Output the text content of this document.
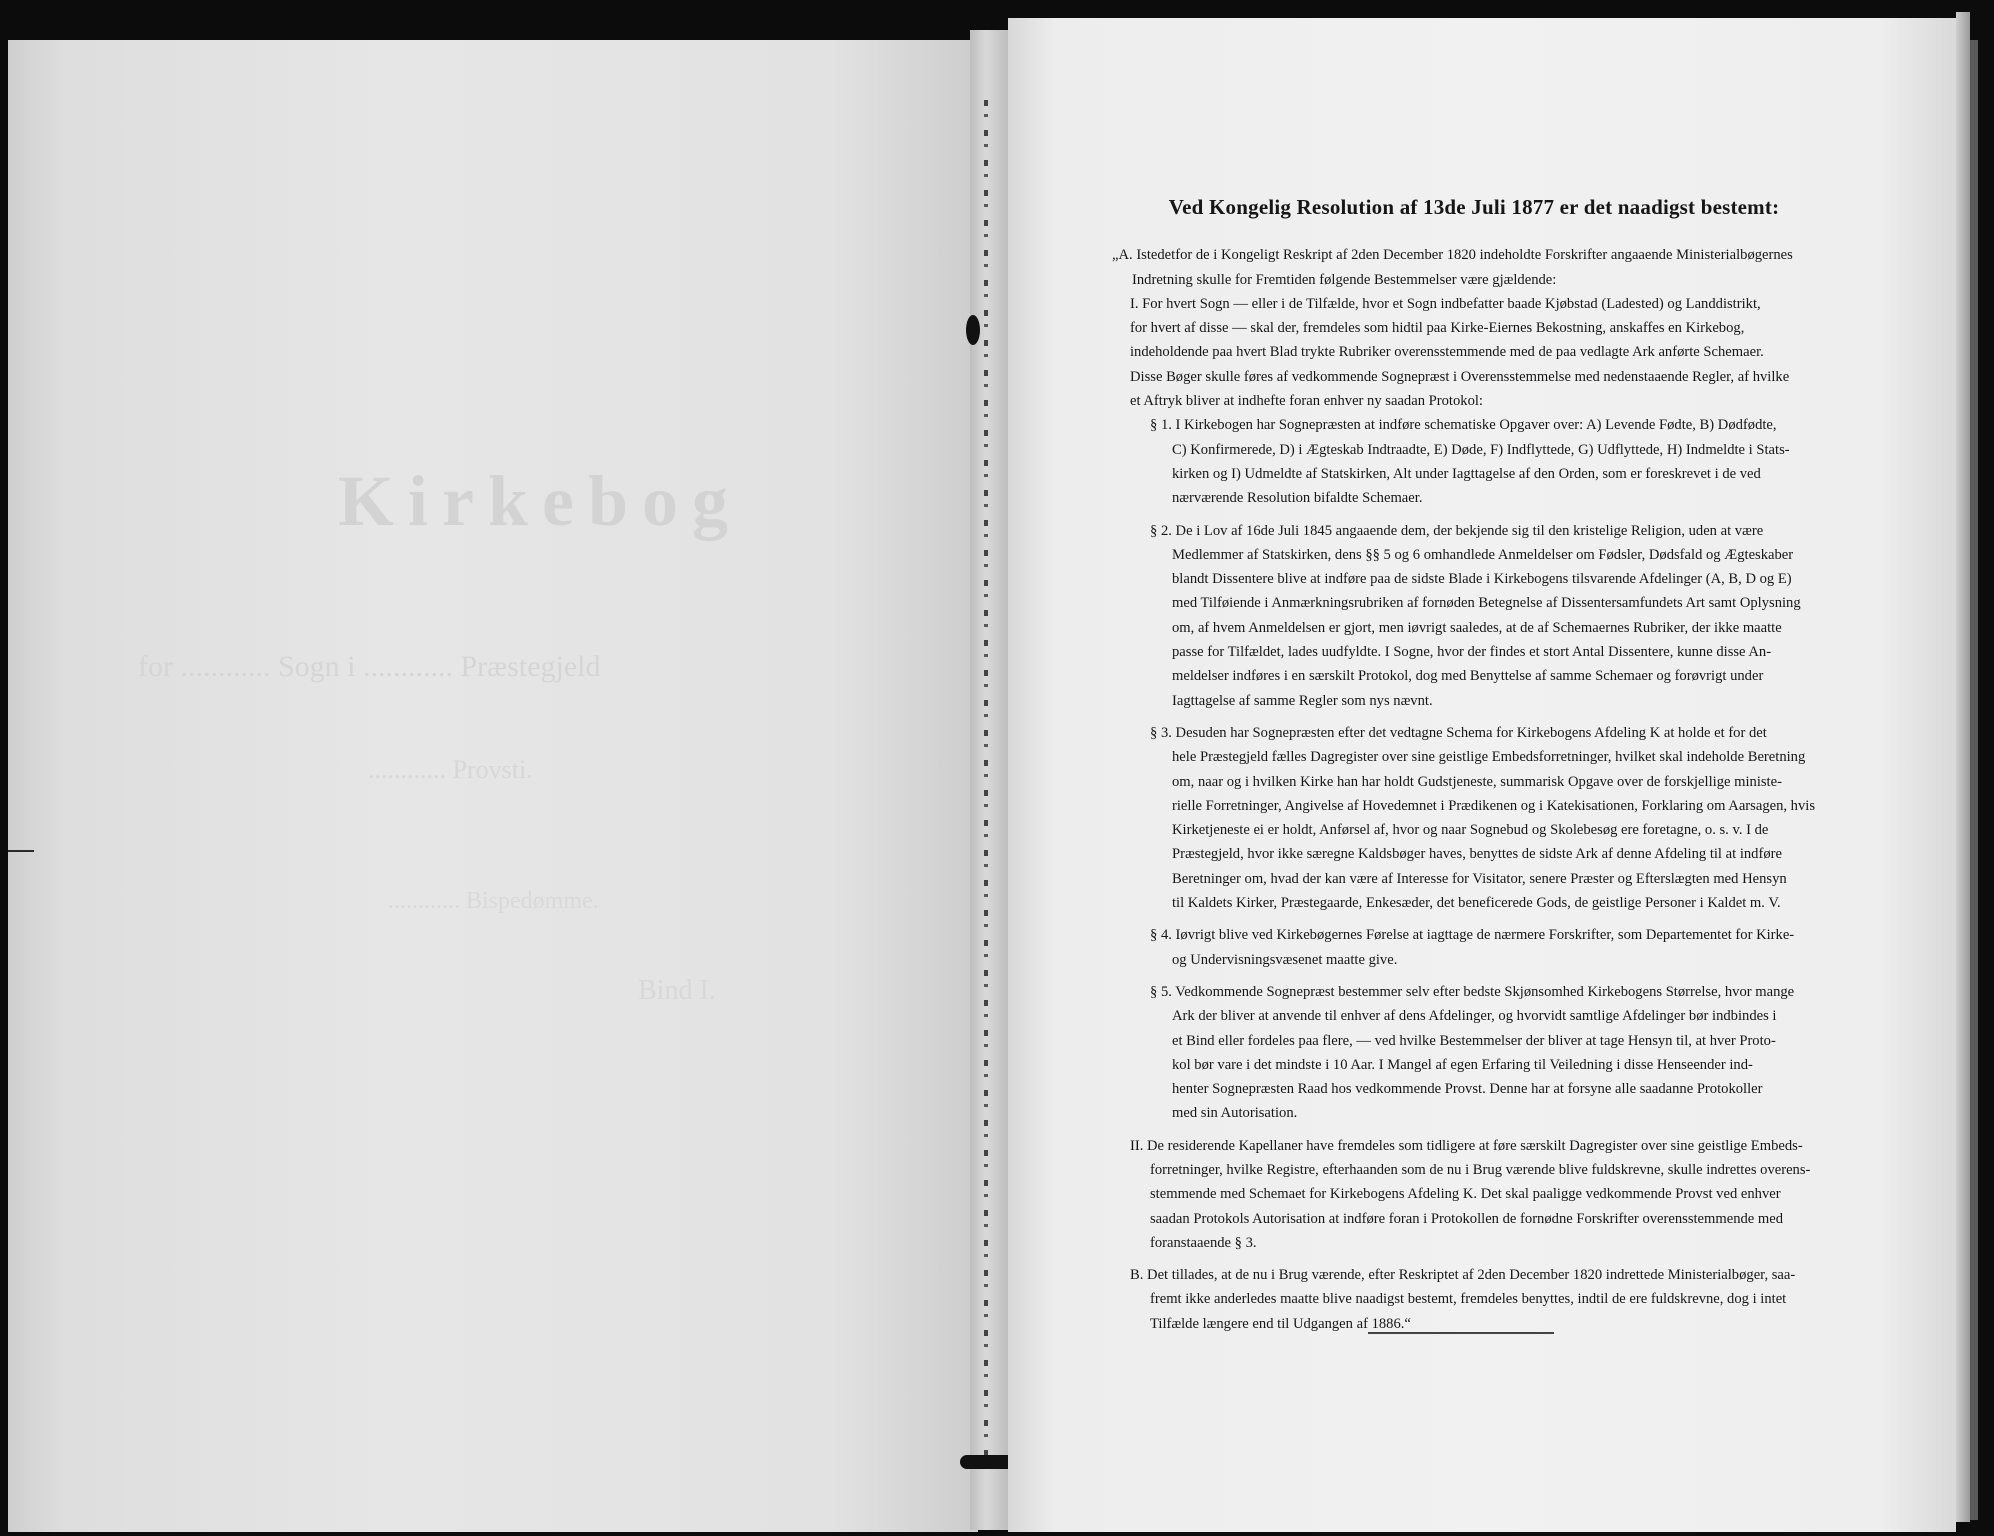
Kirkebog
for ............ Sogn i ............ Præstegjeld
............ Provsti.
............ Bispedømme.
Bind I.
Ved Kongelig Resolution af 13de Juli 1877 er det naadigst bestemt:
„A. Istedetfor de i Kongeligt Reskript af 2den December 1820 indeholdte Forskrifter angaaende Ministerialbøgernes
Indretning skulle for Fremtiden følgende Bestemmelser være gjældende:
I. For hvert Sogn — eller i de Tilfælde, hvor et Sogn indbefatter baade Kjøbstad (Ladested) og Landdistrikt,
for hvert af disse — skal der, fremdeles som hidtil paa Kirke-Eiernes Bekostning, anskaffes en Kirkebog,
indeholdende paa hvert Blad trykte Rubriker overensstemmende med de paa vedlagte Ark anførte Schemaer.
Disse Bøger skulle føres af vedkommende Sognepræst i Overensstemmelse med nedenstaaende Regler, af hvilke
et Aftryk bliver at indhefte foran enhver ny saadan Protokol:
§ 1. I Kirkebogen har Sognepræsten at indføre schematiske Opgaver over: A) Levende Fødte, B) Dødfødte,
C) Konfirmerede, D) i Ægteskab Indtraadte, E) Døde, F) Indflyttede, G) Udflyttede, H) Indmeldte i Stats-
kirken og I) Udmeldte af Statskirken, Alt under Iagttagelse af den Orden, som er foreskrevet i de ved
nærværende Resolution bifaldte Schemaer.
§ 2. De i Lov af 16de Juli 1845 angaaende dem, der bekjende sig til den kristelige Religion, uden at være
Medlemmer af Statskirken, dens §§ 5 og 6 omhandlede Anmeldelser om Fødsler, Dødsfald og Ægteskaber
blandt Dissentere blive at indføre paa de sidste Blade i Kirkebogens tilsvarende Afdelinger (A, B, D og E)
med Tilføiende i Anmærkningsrubriken af fornøden Betegnelse af Dissentersamfundets Art samt Oplysning
om, af hvem Anmeldelsen er gjort, men iøvrigt saaledes, at de af Schemaernes Rubriker, der ikke maatte
passe for Tilfældet, lades uudfyldte. I Sogne, hvor der findes et stort Antal Dissentere, kunne disse An-
meldelser indføres i en særskilt Protokol, dog med Benyttelse af samme Schemaer og forøvrigt under
Iagttagelse af samme Regler som nys nævnt.
§ 3. Desuden har Sognepræsten efter det vedtagne Schema for Kirkebogens Afdeling K at holde et for det
hele Præstegjeld fælles Dagregister over sine geistlige Embedsforretninger, hvilket skal indeholde Beretning
om, naar og i hvilken Kirke han har holdt Gudstjeneste, summarisk Opgave over de forskjellige ministe-
rielle Forretninger, Angivelse af Hovedemnet i Prædikenen og i Katekisationen, Forklaring om Aarsagen, hvis
Kirketjeneste ei er holdt, Anførsel af, hvor og naar Sognebud og Skolebesøg ere foretagne, o. s. v. I de
Præstegjeld, hvor ikke særegne Kaldsbøger haves, benyttes de sidste Ark af denne Afdeling til at indføre
Beretninger om, hvad der kan være af Interesse for Visitator, senere Præster og Efterslægten med Hensyn
til Kaldets Kirker, Præstegaarde, Enkesæder, det beneficerede Gods, de geistlige Personer i Kaldet m. V.
§ 4. Iøvrigt blive ved Kirkebøgernes Førelse at iagttage de nærmere Forskrifter, som Departementet for Kirke-
og Undervisningsvæsenet maatte give.
§ 5. Vedkommende Sognepræst bestemmer selv efter bedste Skjønsomhed Kirkebogens Størrelse, hvor mange
Ark der bliver at anvende til enhver af dens Afdelinger, og hvorvidt samtlige Afdelinger bør indbindes i
et Bind eller fordeles paa flere, — ved hvilke Bestemmelser der bliver at tage Hensyn til, at hver Proto-
kol bør vare i det mindste i 10 Aar. I Mangel af egen Erfaring til Veiledning i disse Henseender ind-
henter Sognepræsten Raad hos vedkommende Provst. Denne har at forsyne alle saadanne Protokoller
med sin Autorisation.
II. De residerende Kapellaner have fremdeles som tidligere at føre særskilt Dagregister over sine geistlige Embeds-
forretninger, hvilke Registre, efterhaanden som de nu i Brug værende blive fuldskrevne, skulle indrettes overens-
stemmende med Schemaet for Kirkebogens Afdeling K. Det skal paaligge vedkommende Provst ved enhver
saadan Protokols Autorisation at indføre foran i Protokollen de fornødne Forskrifter overensstemmende med
foranstaaende § 3.
B. Det tillades, at de nu i Brug værende, efter Reskriptet af 2den December 1820 indrettede Ministerialbøger, saa-
fremt ikke anderledes maatte blive naadigst bestemt, fremdeles benyttes, indtil de ere fuldskrevne, dog i intet
Tilfælde længere end til Udgangen af 1886.“
